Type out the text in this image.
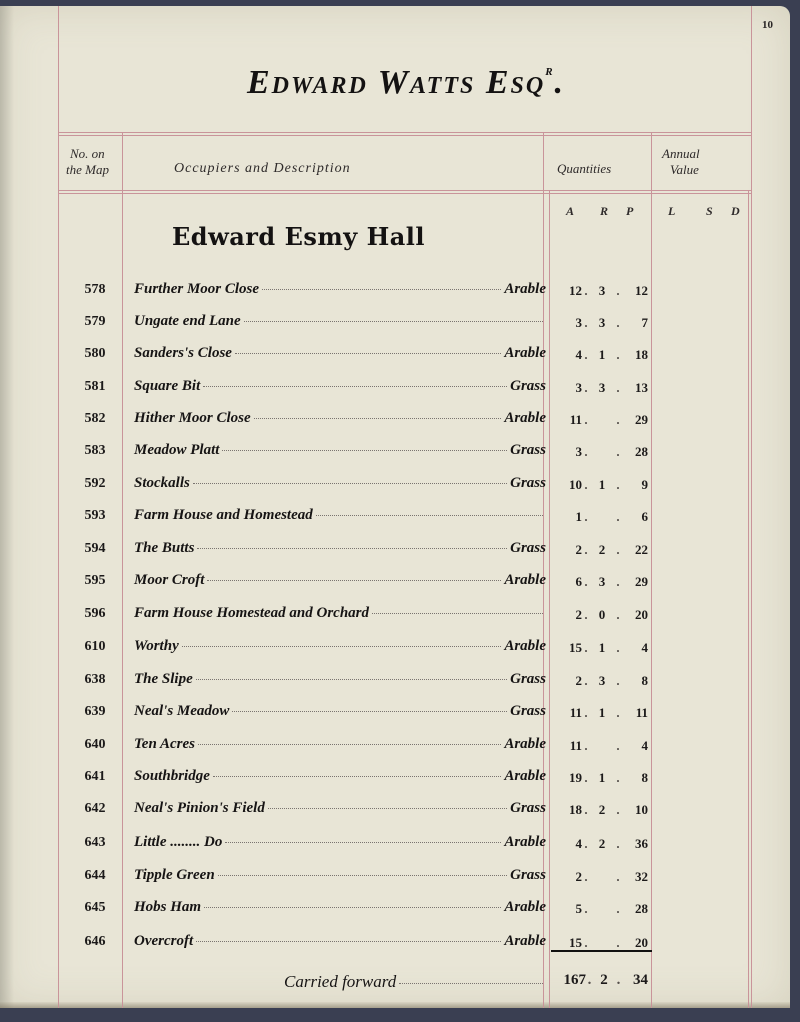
10
Edward Watts Esq$^r$.
No. on
the Map	Occupiers and Description	Quantities
Annual
Value
A R P	L	S D
Edward Esmy Hall
578	Further Moor Close	Arable	12 . 3 .	12
579	Ungate end Lane	3 . 3 .	7
580	Sanders's Close	Arable	4 . 1 .	18
581	Square Bit	Grass	3 . 3 .	13
582	Hither Moor Close	Arable	11 . .	29
583	Meadow Platt	Grass	3 . .	28
592	Stockalls	Grass	10 . 1 .	9
593	Farm House and Homestead	1 . .	6
594	The Butts	Grass	2 . 2 .	22
595	Moor Croft	Arable	6 . 3 .	29
596	Farm House Homestead and Orchard	2 . 0 .	20
610	Worthy	Arable	15 . 1 .	4
638	The Slipe	Grass	2 . 3 .	8
639	Neal's Meadow	Grass	11 . 1 .	11
640	Ten Acres	Arable	11 . .	4
641	Southbridge	Arable	19 . 1 .	8
642	Neal's Pinion's Field	Grass	18 . 2 .	10
643	Little ........ Do	Arable	4 . 2 .	36
644	Tipple Green	Grass	2 . .	32
645	Hobs Ham	Arable	5 . .	28
646	Overcroft	Arable	15 . .	20
Carried forward	167 . 2 . 34
